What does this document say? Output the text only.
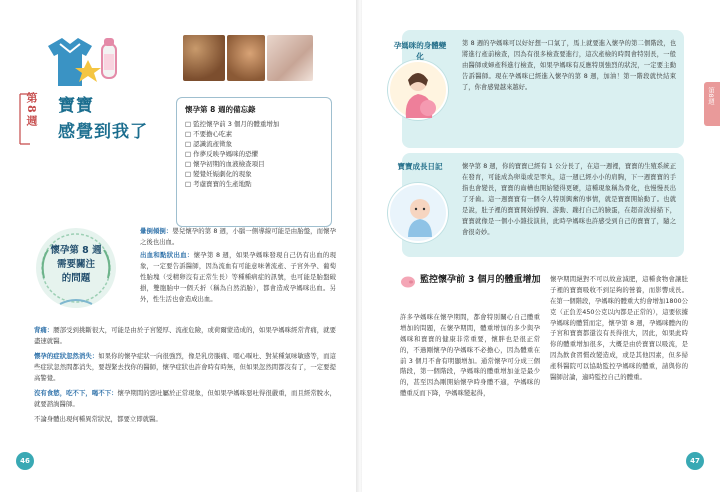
第8週 寶寶
感覺到我了
懷孕第 8 週的備忘錄
□ 監控懷孕前 3 個月的體重增加
□ 不要擔心吃素
□ 認識流產徵象
□ 作夢反映孕媽咪的恐懼
□ 懷孕初期的血液檢查項目
□ 變覺妊娠劇化的現象
□ 考慮寶寶的生產地點
懷孕第 8 週
需要關注
的問題
暈倒傾倒：嬰兒懷孕的第 8 週，小腦一側導線可能是由胎盤，而懷孕之後也出血。
出血和點狀出血：懷孕第 8 週，如果孕媽咪發現自己仍有出血的現象，一定要告訴醫師，因為流血有可能意味著流產、子宮外孕、葡萄性胎塊（受精卵沒有正常生長）等種種病症的訊號，也可能是胎盤破損，雙胞胎中一個夭折（稱為自然消胎），都會造成孕媽咪出血。另外，性生活也會造成出血。
背痛：腰部受到挑斷很大，可能是由於子宮變厚、流產危險，或荷爾蒙造成的，如果孕媽咪經常背痛，就要盡速就醫。
懷孕的症狀忽然消失：如果你的懷孕症狀一向很強烈，像是乳房脹痛、噁心嘔吐、對某種氣味敏感等，而這些症狀忽然間都消失，要趕緊去找你的醫師，懷孕症狀也許會時有時無，但如果忽然間都沒有了，一定要提高警覺。
沒有食慾，吃不下，喝不下：懷孕期間的惡吐屬於正常現象，但如果孕媽咪惡吐得很嚴重，而且經常脫水，就要諮詢醫師。
不論身體出現何種異常狀況，都要立即就醫。
46
孕媽咪的身體變化
第 8 週的孕媽咪可以好好想一口氣了，馬上就要進入懷孕的第二個階段，也將進行產前檢查，因為有很多檢查要進行，這次產檢的時間會特別長，一般由醫師或婦產科進行檢查，如果孕媽咪有反應特別強烈的狀況，一定要主動告訴醫師。現在孕媽咪已經進入懷孕的第 8 週，加油！第一階段就快結束了，你會感覺越來越好。
寶寶成長日記	懷孕第 8 週，你的寶寶已經有 1 公分長了，在這一週裡，寶寶的生殖系統正在發育，可能成為卵巢或是睪丸，這一週已經小小的肩胸，下一週寶寶的手指也會變長，寶寶的齒槽也開始變得更硬，這種現象稱為骨化，也慢慢長出了牙齒。這一週寶寶有一個令人特別興奮的事情，就是寶寶開始動了。也就是說，肚子裡的寶寶開始撐胸、游動、蹦打自己的臉蛋，在超音波掃描下，寶寶就像是一個小小雜技演員，此時孕媽咪也許感受到自己的寶寶了，隨之會很奇妙。
第8週
監控懷孕前 3 個月的體重增加
許多孕媽咪在懷孕期間，都會特別關心自己體重增加的問題，在懷孕期間，體重增加的多少與孕媽咪和寶寶的健康非常重要，懷胖也是很正常的，不過剛懷孕的孕媽咪不必擔心，因為體重在前 3 個月不會有明顯增加。通常懷孕可分成三個階段，第一個階段，孕媽咪的體重增加並是最少的，甚至因為剛開始懷孕時身體不適，孕媽咪的體重反而下降，孕媽咪變起得，
懷孕期間絕對不可以故意減肥，這種食物會讓肚子裡的寶寶吸收不到足夠的營養，而影響成長。在第一個階段，孕媽咪的體重大約會增加1800公克（正負差450公克以內都是正常的），這要依據孕媽咪的體質而定，懷孕第 8 週，孕媽咪體內的子宮和寶寶都還沒有長得很大，因此，如果此時你的體重增加很多，大概是由於寶寶以吸流，是因為飲食習慣改變造成，或是其他因素，但多掃產科醫院可以協助監控孕媽咪的體重，請與你的醫師討論，適時監控自己的體重。
47
